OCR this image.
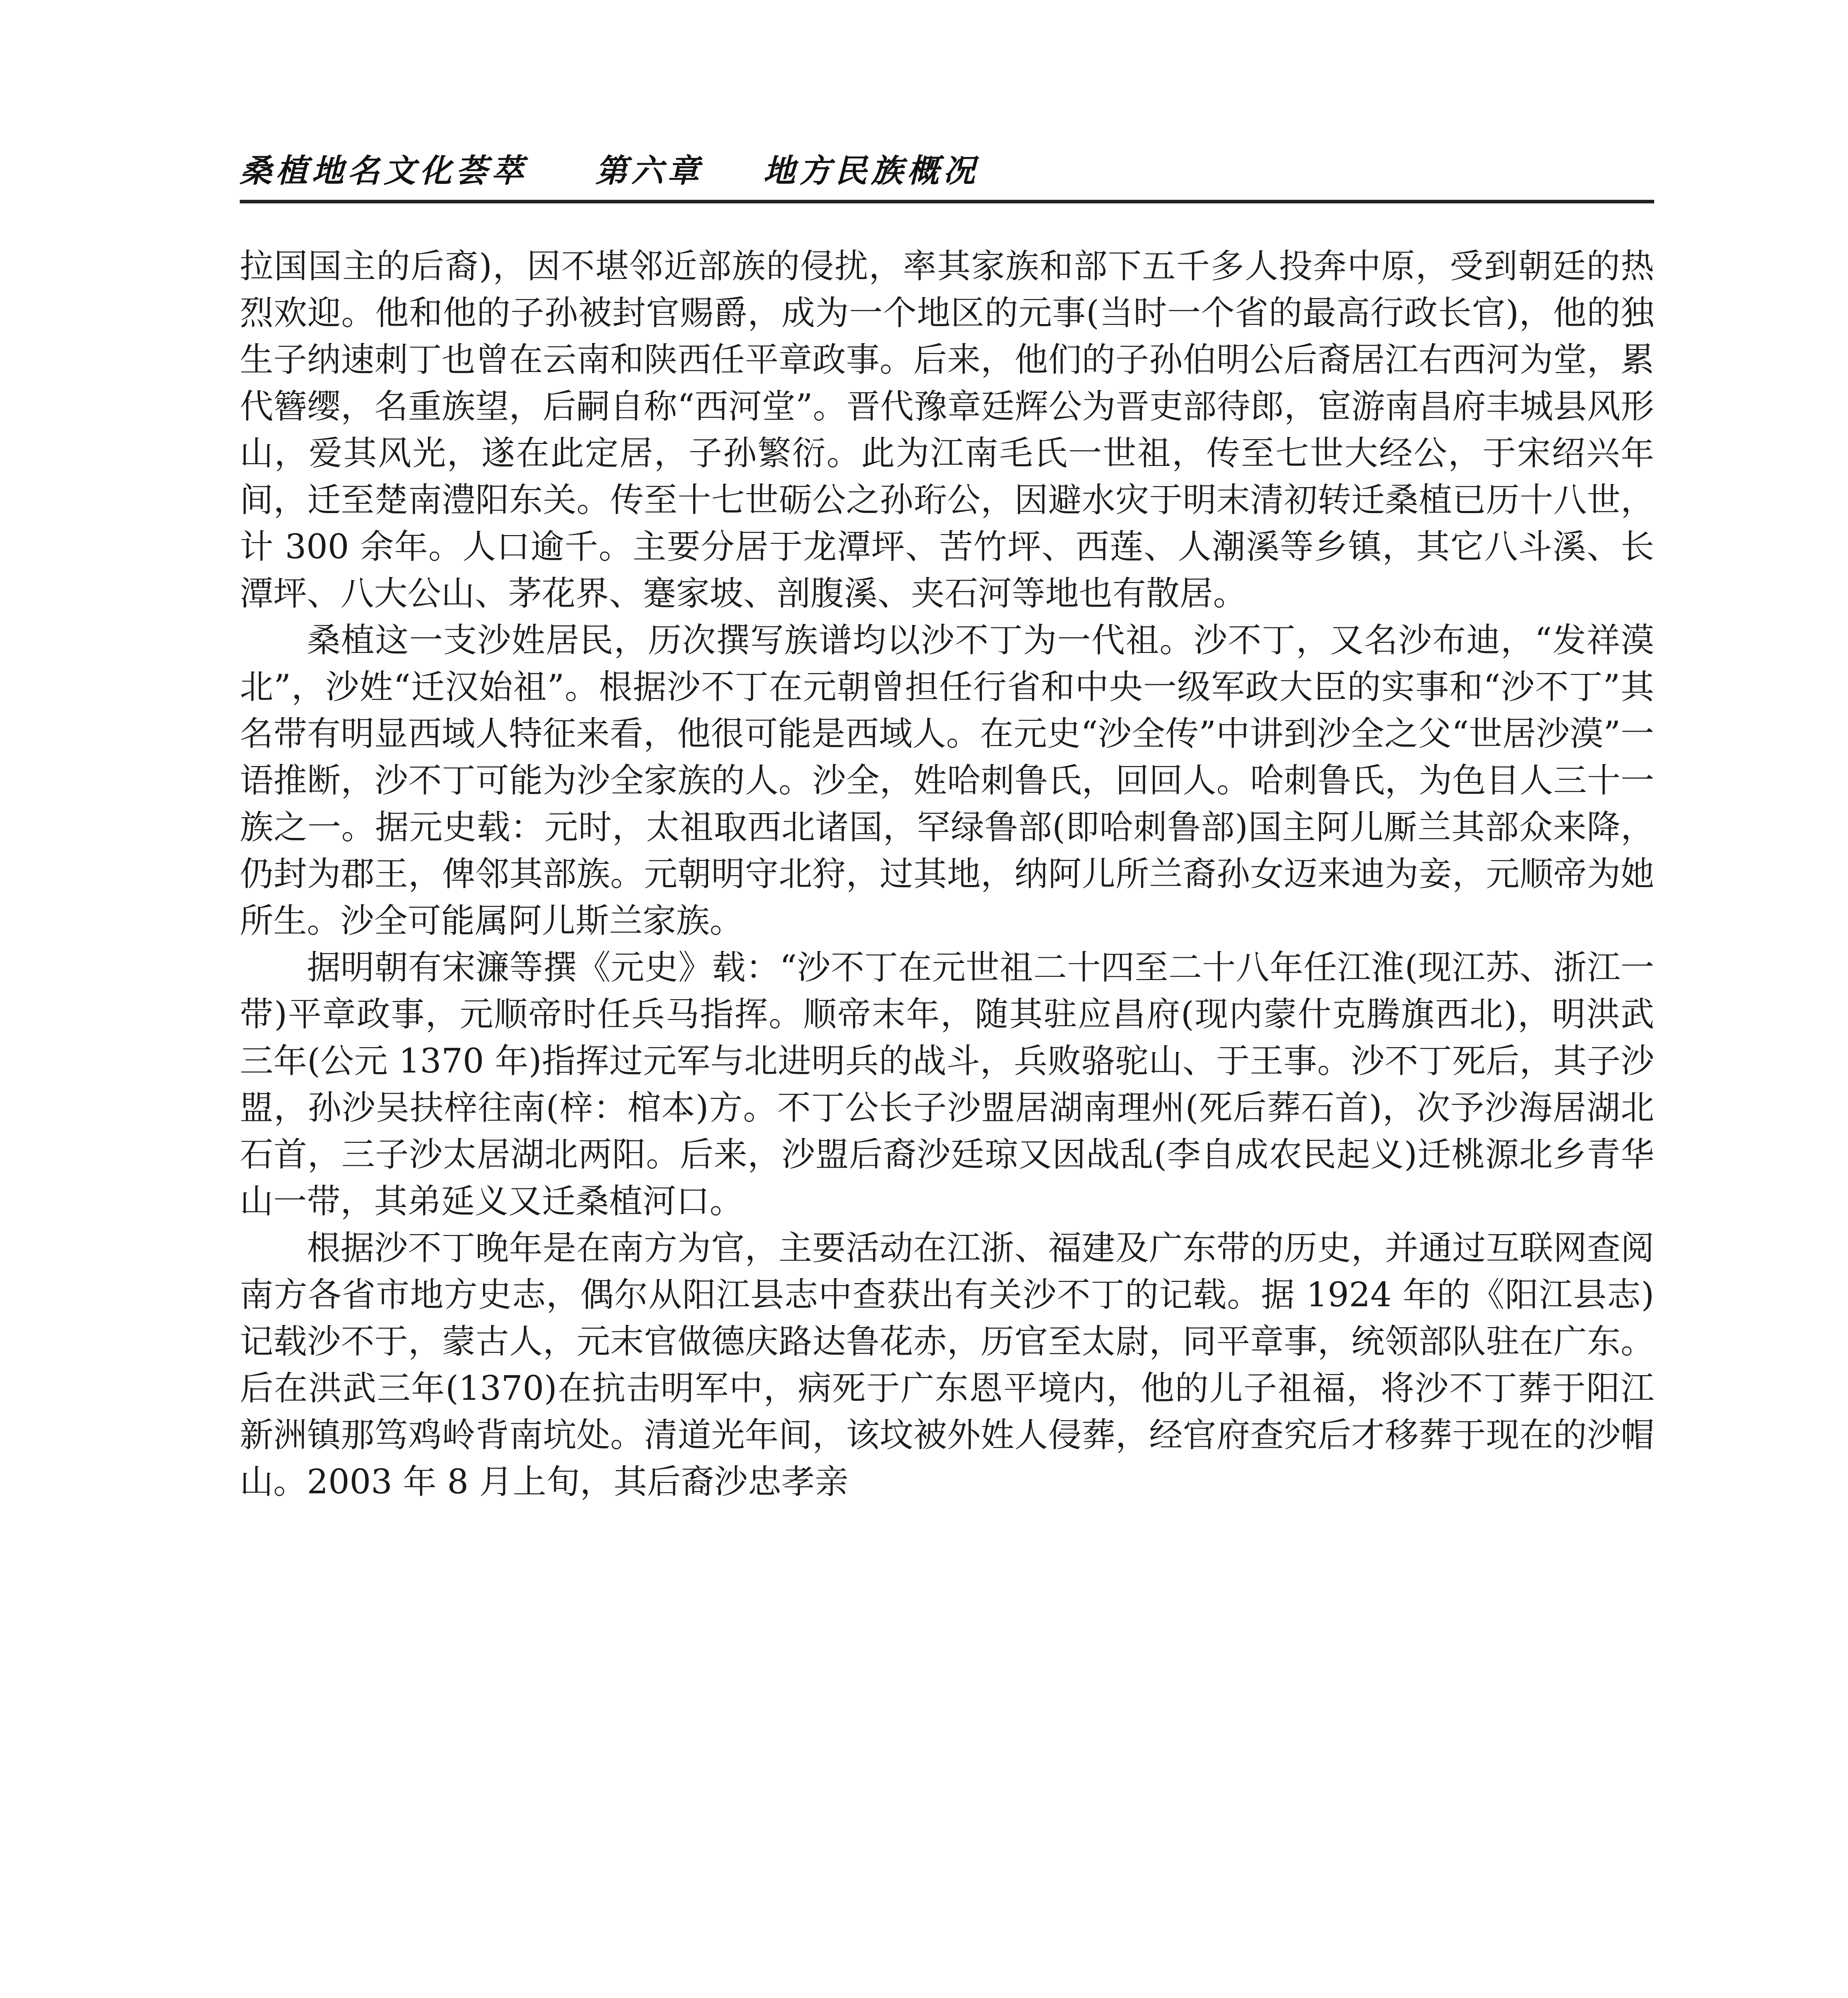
桑植地名文化荟萃 第六章 地方民族概况

拉国国主的后裔)，因不堪邻近部族的侵扰，率其家族和部下五千多人投奔中原，受到朝廷的热烈欢迎。他和他的子孙被封官赐爵，成为一个地区的元事(当时一个省的最高行政长官)，他的独生子纳速刺丁也曾在云南和陕西任平章政事。后来，他们的子孙伯明公后裔居江右西河为堂，累代簪缨，名重族望，后嗣自称“西河堂”。晋代豫章廷辉公为晋吏部待郎，宦游南昌府丰城县风形山，爱其风光，遂在此定居，子孙繁衍。此为江南毛氏一世祖，传至七世大经公，于宋绍兴年间，迁至楚南澧阳东关。传至十七世砺公之孙珩公，因避水灾于明末清初转迁桑植已历十八世，计 300 余年。人口逾千。主要分居于龙潭坪、苦竹坪、西莲、人潮溪等乡镇，其它八斗溪、长潭坪、八大公山、茅花界、蹇家坡、剖腹溪、夹石河等地也有散居。

桑植这一支沙姓居民，历次撰写族谱均以沙不丁为一代祖。沙不丁，又名沙布迪，“发祥漠北”，沙姓“迁汉始祖”。根据沙不丁在元朝曾担任行省和中央一级军政大臣的实事和“沙不丁”其名带有明显西域人特征来看，他很可能是西域人。在元史“沙全传”中讲到沙全之父“世居沙漠”一语推断，沙不丁可能为沙全家族的人。沙全，姓哈刺鲁氏，回回人。哈刺鲁氏，为色目人三十一族之一。据元史载：元时，太祖取西北诸国，罕绿鲁部(即哈刺鲁部)国主阿儿厮兰其部众来降，仍封为郡王，俾邻其部族。元朝明守北狩，过其地，纳阿儿所兰裔孙女迈来迪为妾，元顺帝为她所生。沙全可能属阿儿斯兰家族。

据明朝有宋濂等撰《元史》载：“沙不丁在元世祖二十四至二十八年任江淮(现江苏、浙江一带)平章政事，元顺帝时任兵马指挥。顺帝末年，随其驻应昌府(现内蒙什克腾旗西北)，明洪武三年(公元 1370 年)指挥过元军与北进明兵的战斗，兵败骆驼山、于王事。沙不丁死后，其子沙盟，孙沙吴扶梓往南(梓：棺本)方。不丁公长子沙盟居湖南理州(死后葬石首)，次予沙海居湖北石首，三子沙太居湖北两阳。后来，沙盟后裔沙廷琼又因战乱(李自成农民起义)迁桃源北乡青华山一带，其弟延义又迁桑植河口。

根据沙不丁晚年是在南方为官，主要活动在江浙、福建及广东带的历史，并通过互联网查阅南方各省市地方史志，偶尔从阳江县志中查获出有关沙不丁的记载。据 1924 年的《阳江县志)记载沙不于，蒙古人，元末官做德庆路达鲁花赤，历官至太尉，同平章事，统领部队驻在广东。后在洪武三年(1370)在抗击明军中，病死于广东恩平境内，他的儿子祖福，将沙不丁葬于阳江新洲镇那笃鸡岭背南坑处。清道光年间，该坟被外姓人侵葬，经官府查究后才移葬于现在的沙帽山。2003 年 8 月上旬，其后裔沙忠孝亲
